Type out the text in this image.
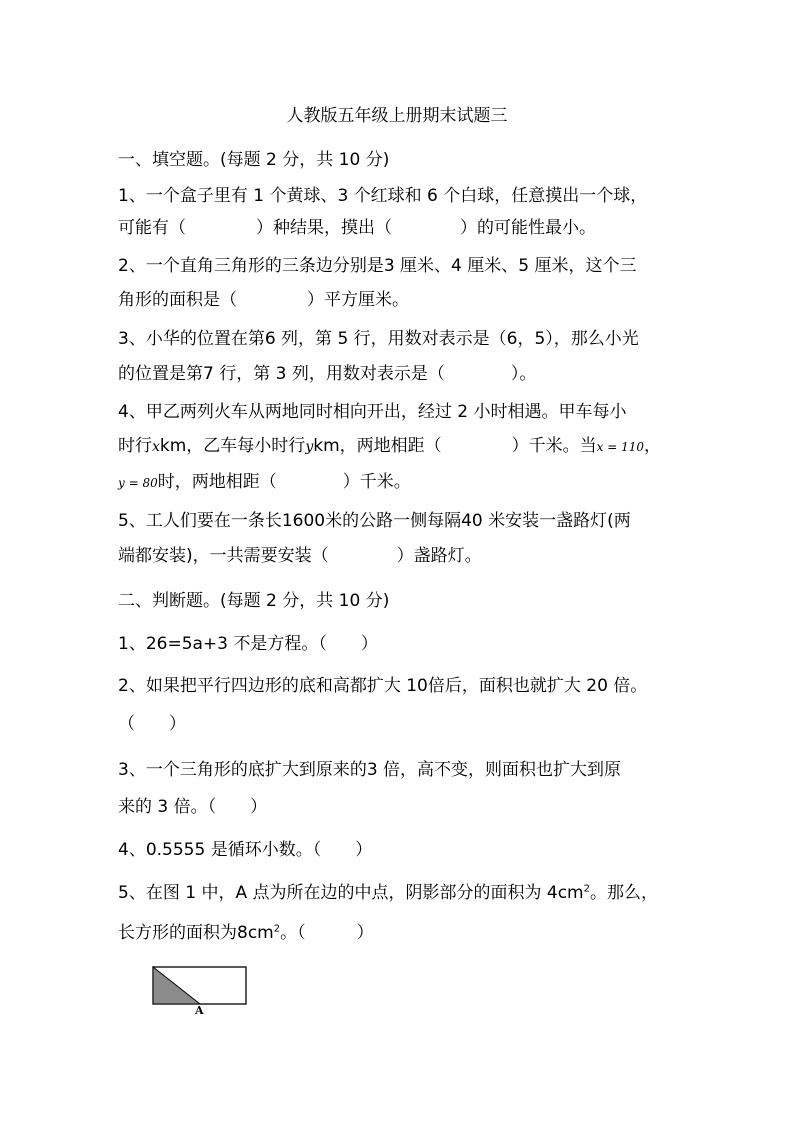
人教版五年级上册期末试题三
一、填空题。(每题 2 分，共 10 分)
1、一个盒子里有 1 个黄球、3 个红球和 6 个白球，任意摸出一个球，
可能有（	）种结果，摸出（	）的可能性最小。
2、一个直角三角形的三条边分别是3 厘米、4 厘米、5 厘米，这个三
角形的面积是（	）平方厘米。
3、小华的位置在第6 列，第 5 行，用数对表示是（6，5），那么小光
的位置是第7 行，第 3 列，用数对表示是（	）。
4、甲乙两列火车从两地同时相向开出，经过 2 小时相遇。甲车每小
时行xkm，乙车每小时行ykm，两地相距（	）千米。当x = 110，
y = 80时，两地相距（	）千米。
5、工人们要在一条长1600米的公路一侧每隔40 米安装一盏路灯(两
端都安装)，一共需要安装（	）盏路灯。
二、判断题。(每题 2 分，共 10 分)
1、26=5a+3 不是方程。（　　）
2、如果把平行四边形的底和高都扩大 10倍后，面积也就扩大 20 倍。
（　　）
3、一个三角形的底扩大到原来的3 倍，高不变，则面积也扩大到原
来的 3 倍。（　　）
4、0.5555 是循环小数。（　　）
5、在图 1 中，A 点为所在边的中点，阴影部分的面积为 $4cm^2$。那么，
长方形的面积为$8cm^2$。（　　　）
A
